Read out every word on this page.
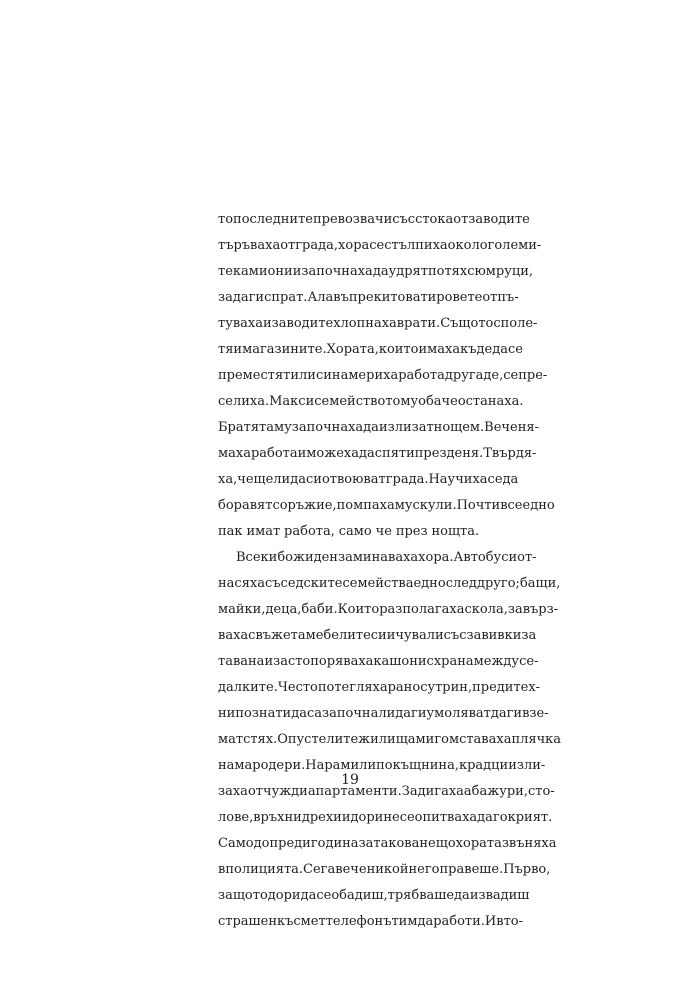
то последните превозвачи със стока от заводите
търъваха от града, хора се стълпиха около големи-
те камиони и започнаха да удрят по тях с юмруци,
за да ги спрат. Ала въпреки това тировете отпъ-
туваха и заводите хлопнаха врати. Същото споле-
тя и магазините. Хората, които имаха къде да се
преместят или си намериха работа другаде, се пре-
селиха. Макс и семейството му обаче останаха.
Братята му започнаха да излизат нощем. Вече ня-
маха работа и можеха да спят и през деня. Твърдя-
ха, че щели да си отвоюват града. Научиха се да
боравят с оръжие, помпаха мускули. Почти все едно
пак имат работа, само че през нощта.
Всеки божи ден заминаваха хора. Автобуси от-
насяха съседските семейства едно след друго; бащи,
майки, деца, баби. Които разполагаха с кола, завърз-
ваха с въжета мебелите си и чували със завивки за
тавана и застопоряваха кашони с храна между се-
далките. Често потегляха рано сутрин, преди тех-
ни познати да са започнали да ги умоляват да ги взе-
мат с тях. Опустелите жилища мигом ставаха плячка
на мародери. Нарамили покъщнина, крадци изли-
заха от чужди апартаменти. Задигаха абажури, сто-
лове, връхни дрехи и дори не се опитваха да го крият.
Само допреди година за такова нещо хората звъняха
в полицията. Сега вече никой не го правеше. Първо,
защото дори да се обадиш, трябваше да извадиш
страшен късмет телефонът им да работи. И вто-
19
